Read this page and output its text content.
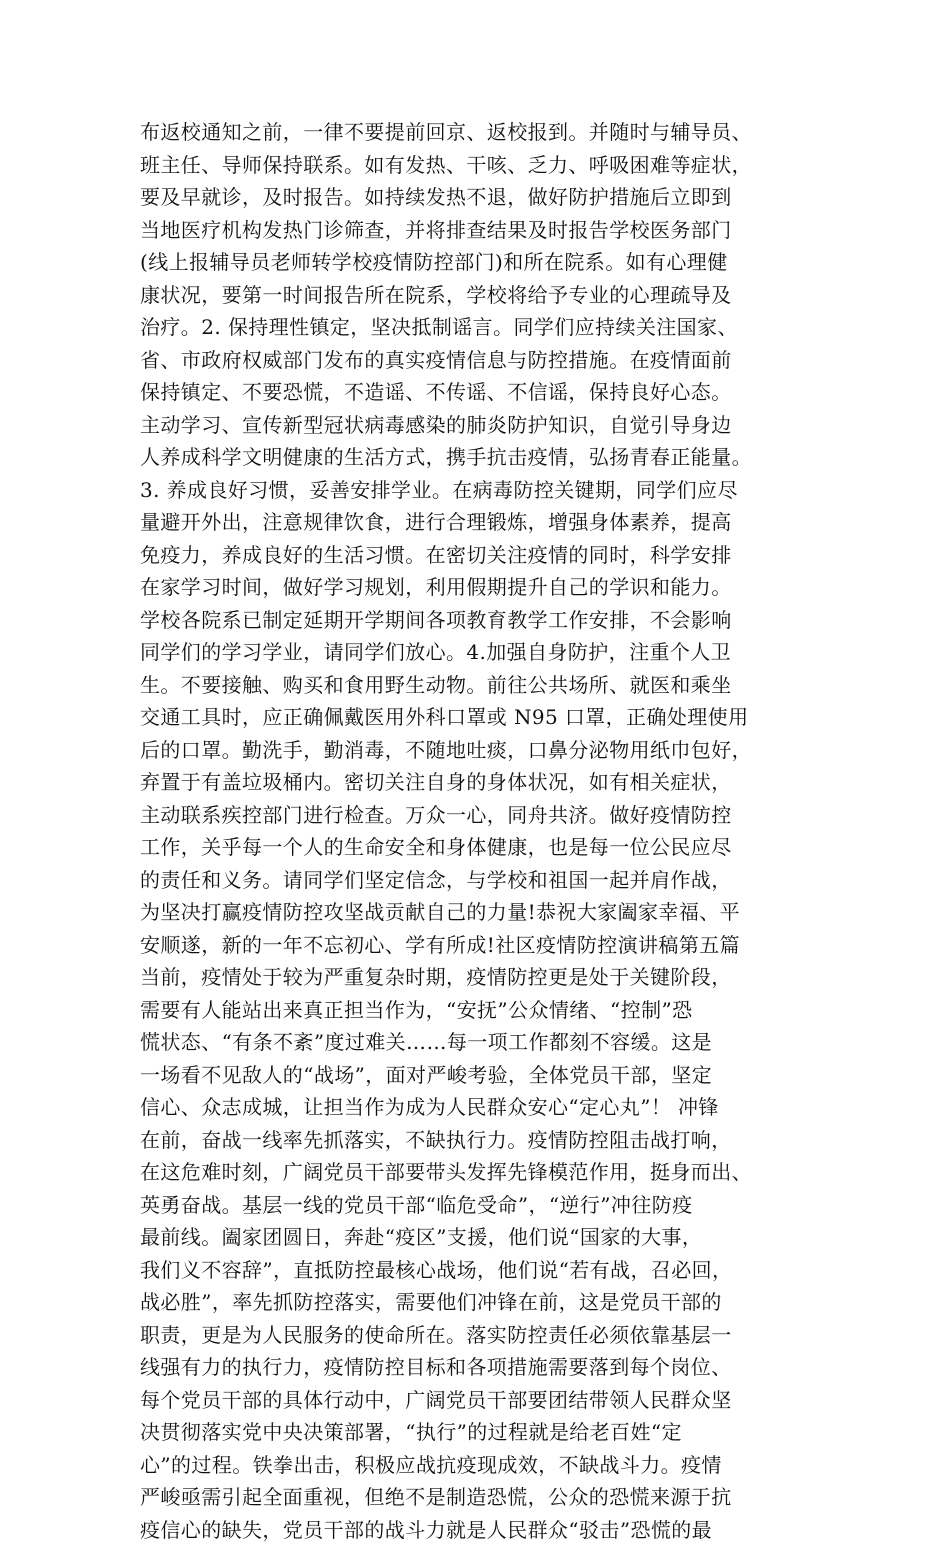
布返校通知之前，一律不要提前回京、返校报到。并随时与辅导员、
班主任、导师保持联系。如有发热、干咳、乏力、呼吸困难等症状，
要及早就诊，及时报告。如持续发热不退，做好防护措施后立即到
当地医疗机构发热门诊筛查，并将排查结果及时报告学校医务部门
(线上报辅导员老师转学校疫情防控部门)和所在院系。如有心理健
康状况，要第一时间报告所在院系，学校将给予专业的心理疏导及
治疗。2. 保持理性镇定，坚决抵制谣言。同学们应持续关注国家、
省、市政府权威部门发布的真实疫情信息与防控措施。在疫情面前
保持镇定、不要恐慌，不造谣、不传谣、不信谣，保持良好心态。
主动学习、宣传新型冠状病毒感染的肺炎防护知识，自觉引导身边
人养成科学文明健康的生活方式，携手抗击疫情，弘扬青春正能量。
3. 养成良好习惯，妥善安排学业。在病毒防控关键期，同学们应尽
量避开外出，注意规律饮食，进行合理锻炼，增强身体素养，提高
免疫力，养成良好的生活习惯。在密切关注疫情的同时，科学安排
在家学习时间，做好学习规划，利用假期提升自己的学识和能力。
学校各院系已制定延期开学期间各项教育教学工作安排，不会影响
同学们的学习学业，请同学们放心。4.加强自身防护，注重个人卫
生。不要接触、购买和食用野生动物。前往公共场所、就医和乘坐
交通工具时，应正确佩戴医用外科口罩或 N95 口罩，正确处理使用
后的口罩。勤洗手，勤消毒，不随地吐痰，口鼻分泌物用纸巾包好，
弃置于有盖垃圾桶内。密切关注自身的身体状况，如有相关症状，
主动联系疾控部门进行检查。万众一心，同舟共济。做好疫情防控
工作，关乎每一个人的生命安全和身体健康，也是每一位公民应尽
的责任和义务。请同学们坚定信念，与学校和祖国一起并肩作战，
为坚决打赢疫情防控攻坚战贡献自己的力量!恭祝大家阖家幸福、平
安顺遂，新的一年不忘初心、学有所成!社区疫情防控演讲稿第五篇
当前，疫情处于较为严重复杂时期，疫情防控更是处于关键阶段，
需要有人能站出来真正担当作为，“安抚”公众情绪、“控制”恐
慌状态、“有条不紊”度过难关……每一项工作都刻不容缓。这是
一场看不见敌人的“战场”，面对严峻考验，全体党员干部，坚定
信心、众志成城，让担当作为成为人民群众安心“定心丸”！ 冲锋
在前，奋战一线率先抓落实，不缺执行力。疫情防控阻击战打响，
在这危难时刻，广阔党员干部要带头发挥先锋模范作用，挺身而出、
英勇奋战。基层一线的党员干部“临危受命”，“逆行”冲往防疫
最前线。阖家团圆日，奔赴“疫区”支援，他们说“国家的大事，
我们义不容辞”，直抵防控最核心战场，他们说“若有战，召必回，
战必胜”，率先抓防控落实，需要他们冲锋在前，这是党员干部的
职责，更是为人民服务的使命所在。落实防控责任必须依靠基层一
线强有力的执行力，疫情防控目标和各项措施需要落到每个岗位、
每个党员干部的具体行动中，广阔党员干部要团结带领人民群众坚
决贯彻落实党中央决策部署，“执行”的过程就是给老百姓“定
心”的过程。铁拳出击，积极应战抗疫现成效，不缺战斗力。疫情
严峻亟需引起全面重视，但绝不是制造恐慌，公众的恐慌来源于抗
疫信心的缺失，党员干部的战斗力就是人民群众“驳击”恐慌的最
